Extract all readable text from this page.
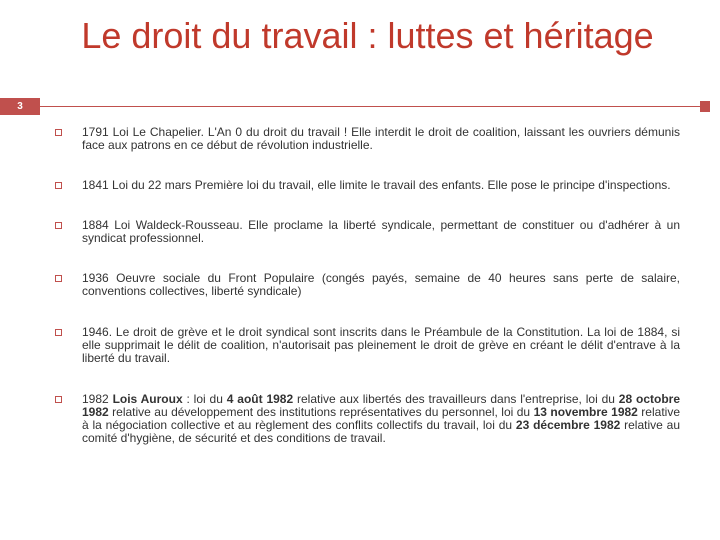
Le droit du travail : luttes et héritage
3
1791 Loi Le Chapelier. L'An 0 du droit du travail ! Elle interdit le droit de coalition, laissant les ouvriers démunis face aux patrons en ce début de révolution industrielle.
1841 Loi du 22 mars Première loi du travail, elle limite le travail des enfants. Elle pose le principe d'inspections.
1884 Loi Waldeck-Rousseau. Elle proclame la liberté syndicale, permettant de constituer ou d'adhérer à un syndicat professionnel.
1936 Oeuvre sociale du Front Populaire (congés payés, semaine de 40 heures sans perte de salaire, conventions collectives, liberté syndicale)
1946. Le droit de grève et le droit syndical sont inscrits dans le Préambule de la Constitution. La loi de 1884, si elle supprimait le délit de coalition, n'autorisait pas pleinement le droit de grève en créant le délit d'entrave à la liberté du travail.
1982 Lois Auroux : loi du 4 août 1982 relative aux libertés des travailleurs dans l'entreprise, loi du 28 octobre 1982 relative au développement des institutions représentatives du personnel, loi du 13 novembre 1982 relative à la négociation collective et au règlement des conflits collectifs du travail, loi du 23 décembre 1982 relative au comité d'hygiène, de sécurité et des conditions de travail.
